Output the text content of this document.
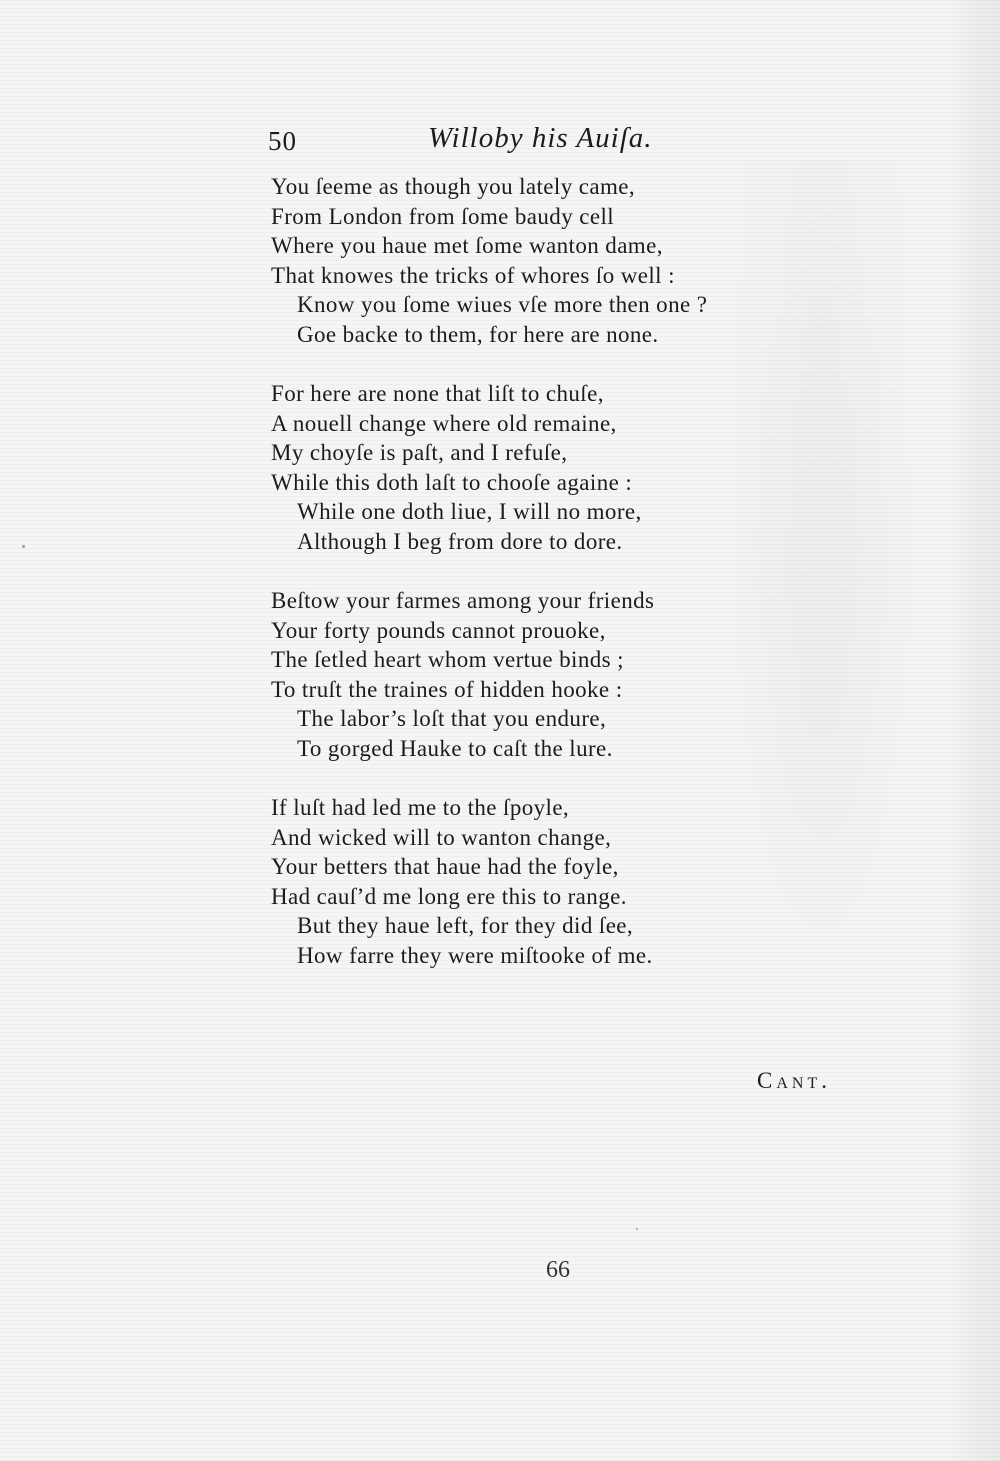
50	Willoby his Auiſa.
You ſeeme as though you lately came,
From London from ſome baudy cell
Where you haue met ſome wanton dame,
That knowes the tricks of whores ſo well :
Know you ſome wiues vſe more then one ?
Goe backe to them, for here are none.
For here are none that liſt to chuſe,
A nouell change where old remaine,
My choyſe is paſt, and I refuſe,
While this doth laſt to chooſe againe :
While one doth liue, I will no more,
Although I beg from dore to dore.
Beſtow your farmes among your friends
Your forty pounds cannot prouoke,
The ſetled heart whom vertue binds ;
To truſt the traines of hidden hooke :
The labor’s loſt that you endure,
To gorged Hauke to caſt the lure.
If luſt had led me to the ſpoyle,
And wicked will to wanton change,
Your betters that haue had the foyle,
Had cauſ’d me long ere this to range.
But they haue left, for they did ſee,
How farre they were miſtooke of me.
Cant.
66
